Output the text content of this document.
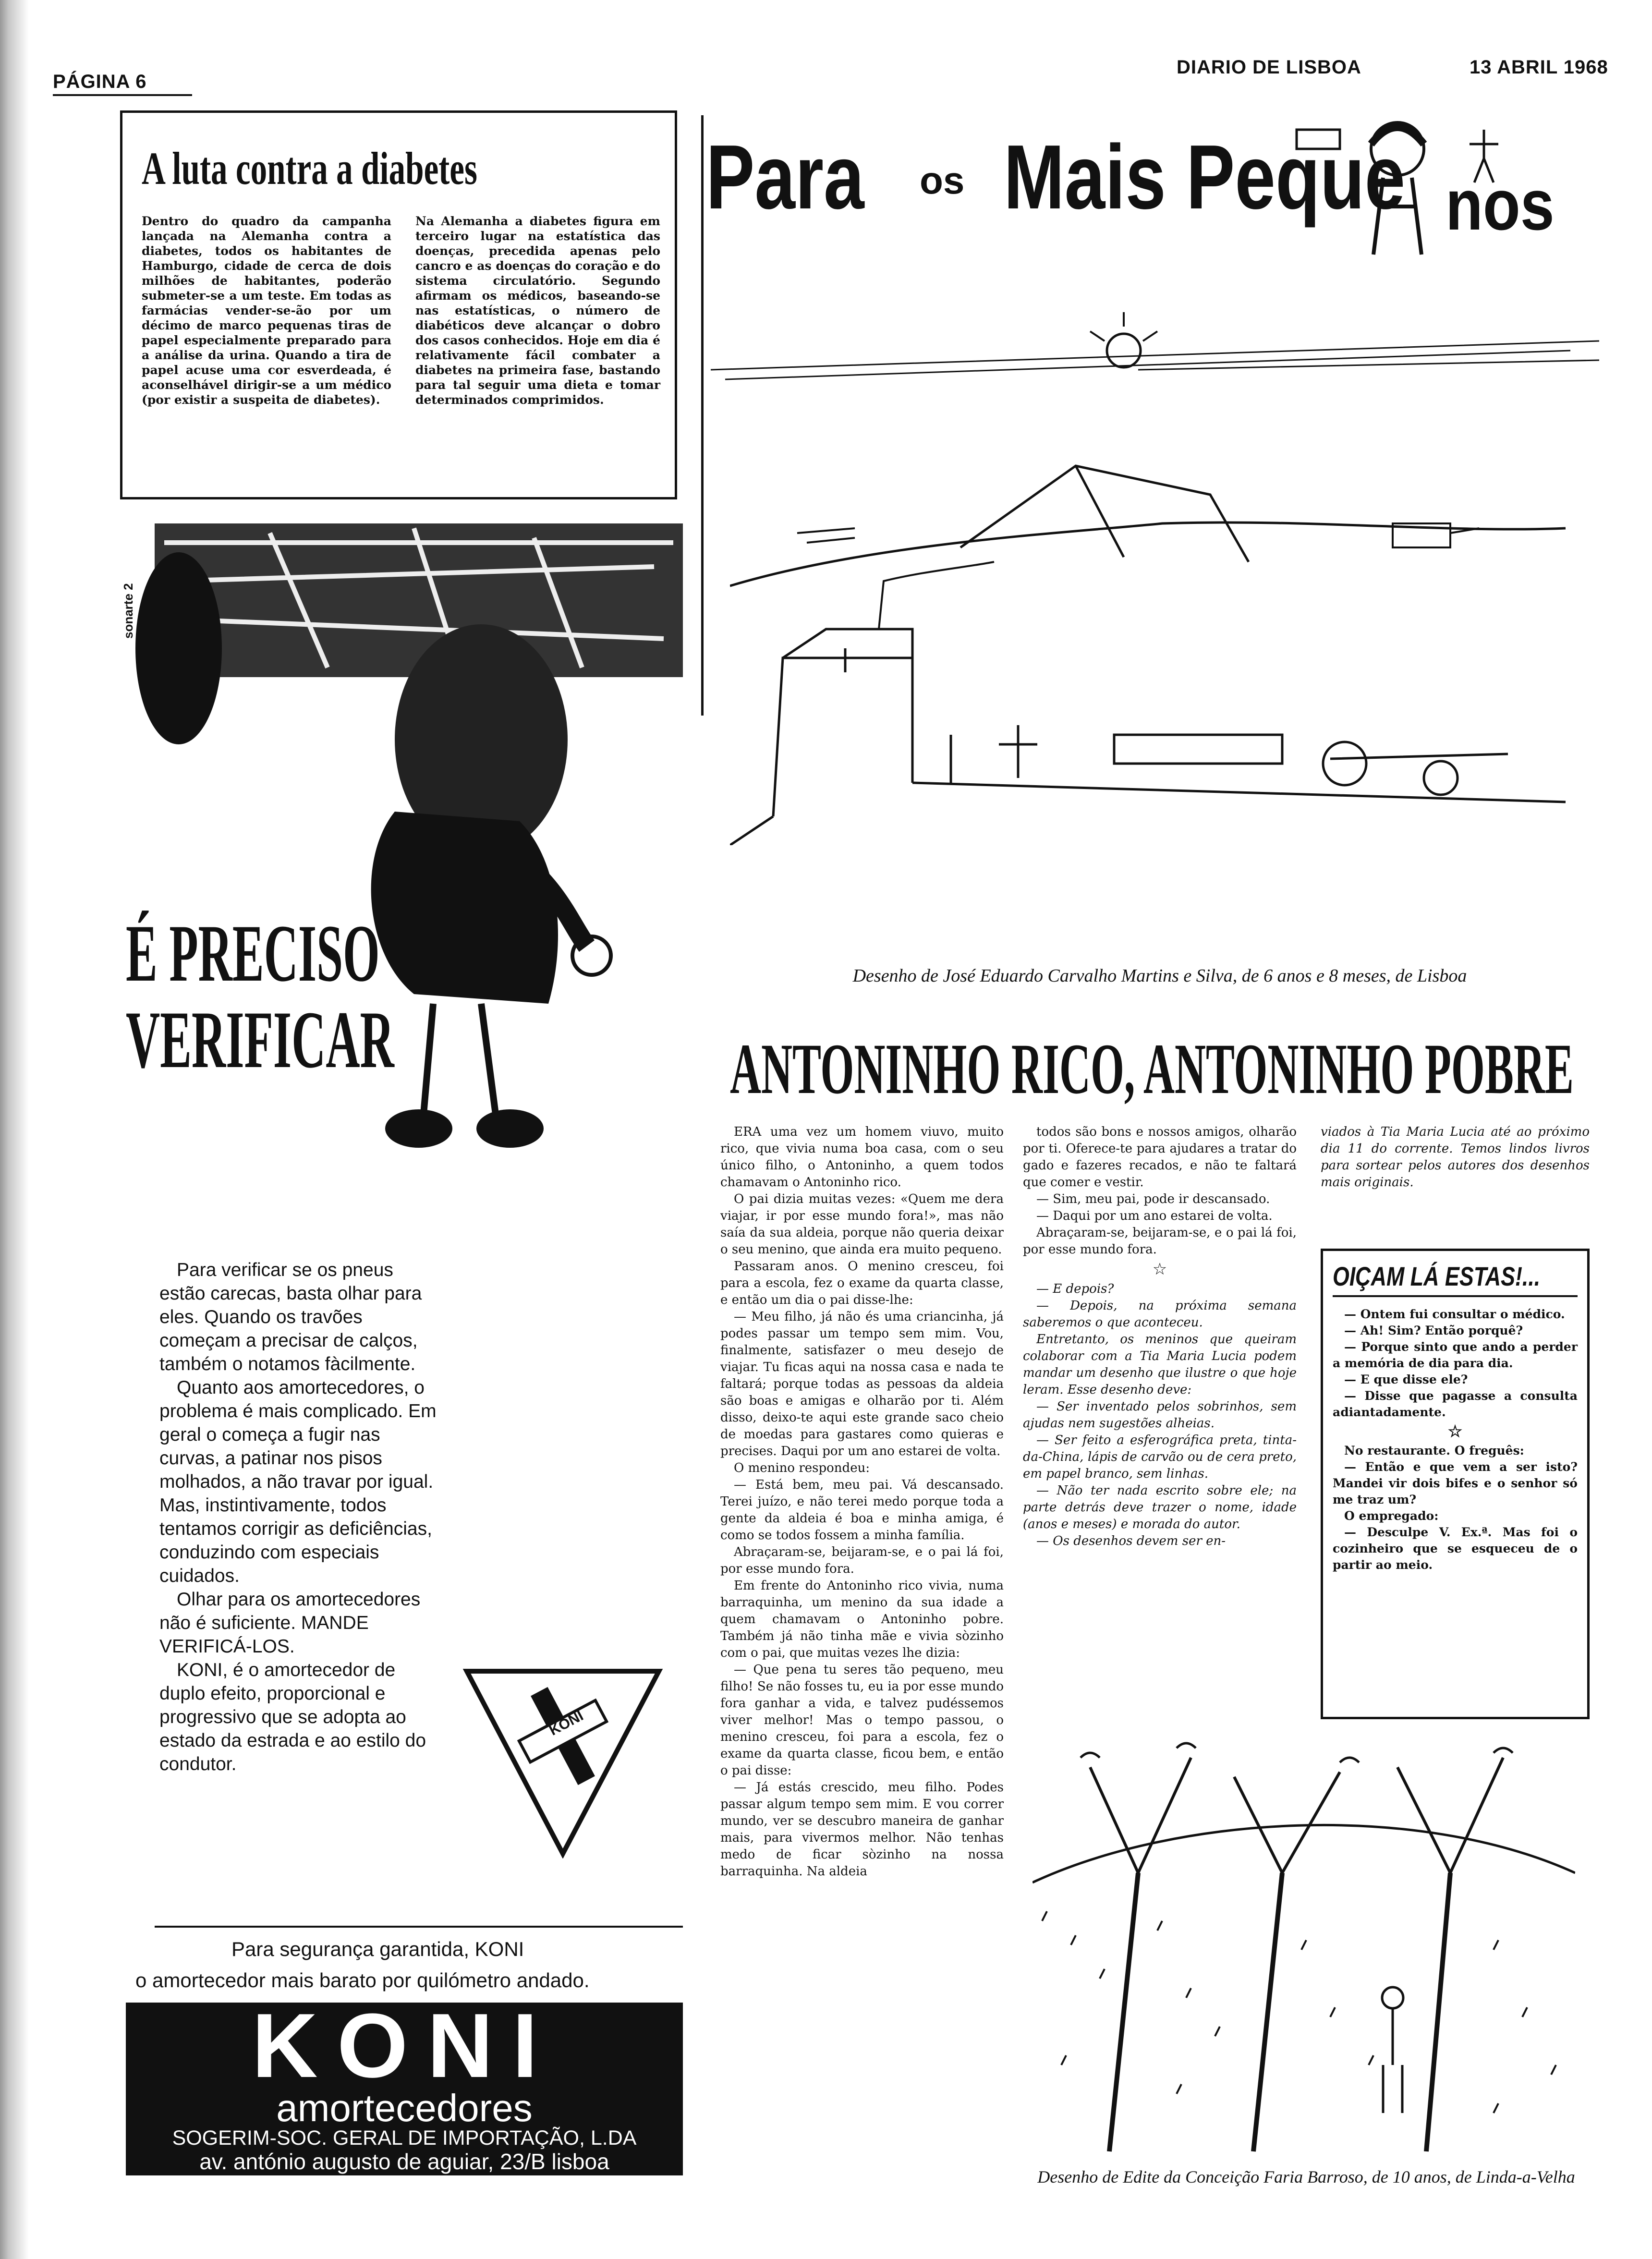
PÁGINA 6
DIARIO DE LISBOA	13 ABRIL 1968
A luta contra a diabetes
Dentro do quadro da campanha lançada na Alemanha contra a diabetes, todos os habitantes de Hamburgo, cidade de cerca de dois milhões de habitantes, poderão submeter-se a um teste. Em todas as farmácias vender-se-ão por um décimo de marco pequenas tiras de papel especialmente preparado para a análise da urina. Quando a tira de papel acuse uma cor esverdeada, é aconselhável dirigir-se a um médico (por existir a suspeita de diabetes).
Na Alemanha a diabetes figura em terceiro lugar na estatística das doenças, precedida apenas pelo cancro e as doenças do coração e do sistema circulatório. Segundo afirmam os médicos, baseando-se nas estatísticas, o número de diabéticos deve alcançar o dobro dos casos conhecidos. Hoje em dia é relativamente fácil combater a diabetes na primeira fase, bastando para tal seguir uma dieta e tomar determinados comprimidos.
sonarte 2
É PRECISO
VERIFICAR

Para verificar se os pneus estão carecas, basta olhar para eles. Quando os travões começam a precisar de calços, também o notamos fàcilmente.

Quanto aos amortecedores, o problema é mais complicado. Em geral o começa a fugir nas curvas, a patinar nos pisos molhados, a não travar por igual. Mas, instintivamente, todos tentamos corrigir as deficiências, conduzindo com especiais cuidados.

Olhar para os amortecedores não é suficiente. MANDE VERIFICÁ-LOS.

KONI, é o amortecedor de duplo efeito, proporcional e progressivo que se adopta ao estado da estrada e ao estilo do condutor.

KONI
Para segurança garantida, KONI
o amortecedor mais barato por quilómetro andado.
KONI
amortecedores
SOGERIM-SOC. GERAL DE IMPORTAÇÃO, L.DA
av. antónio augusto de aguiar, 23/B lisboa
Para os Mais Peque nos
Desenho de José Eduardo Carvalho Martins e Silva, de 6 anos e 8 meses, de Lisboa
ANTONINHO RICO, ANTONINHO POBRE

ERA uma vez um homem viuvo, muito rico, que vivia numa boa casa, com o seu único filho, o Antoninho, a quem todos chamavam o Antoninho rico.

O pai dizia muitas vezes: «Quem me dera viajar, ir por esse mundo fora!», mas não saía da sua aldeia, porque não queria deixar o seu menino, que ainda era muito pequeno.

Passaram anos. O menino cresceu, foi para a escola, fez o exame da quarta classe, e então um dia o pai disse-lhe:

— Meu filho, já não és uma criancinha, já podes passar um tempo sem mim. Vou, finalmente, satisfazer o meu desejo de viajar. Tu ficas aqui na nossa casa e nada te faltará; porque todas as pessoas da aldeia são boas e amigas e olharão por ti. Além disso, deixo-te aqui este grande saco cheio de moedas para gastares como quieras e precises. Daqui por um ano estarei de volta.

O menino respondeu:

— Está bem, meu pai. Vá descansado. Terei juízo, e não terei medo porque toda a gente da aldeia é boa e minha amiga, é como se todos fossem a minha família.

Abraçaram-se, beijaram-se, e o pai lá foi, por esse mundo fora.

Em frente do Antoninho rico vivia, numa barraquinha, um menino da sua idade a quem chamavam o Antoninho pobre. Também já não tinha mãe e vivia sòzinho com o pai, que muitas vezes lhe dizia:

— Que pena tu seres tão pequeno, meu filho! Se não fosses tu, eu ia por esse mundo fora ganhar a vida, e talvez pudéssemos viver melhor! Mas o tempo passou, o menino cresceu, foi para a escola, fez o exame da quarta classe, ficou bem, e então o pai disse:

— Já estás crescido, meu filho. Podes passar algum tempo sem mim. E vou correr mundo, ver se descubro maneira de ganhar mais, para vivermos melhor. Não tenhas medo de ficar sòzinho na nossa barraquinha. Na aldeia

todos são bons e nossos amigos, olharão por ti. Oferece-te para ajudares a tratar do gado e fazeres recados, e não te faltará que comer e vestir.

— Sim, meu pai, pode ir descansado.

— Daqui por um ano estarei de volta.

Abraçaram-se, beijaram-se, e o pai lá foi, por esse mundo fora.

☆

— E depois?

— Depois, na próxima semana saberemos o que aconteceu.

Entretanto, os meninos que queiram colaborar com a Tia Maria Lucia podem mandar um desenho que ilustre o que hoje leram. Esse desenho deve:

— Ser inventado pelos sobrinhos, sem ajudas nem sugestões alheias.

— Ser feito a esferográfica preta, tinta-da-China, lápis de carvão ou de cera preto, em papel branco, sem linhas.

— Não ter nada escrito sobre ele; na parte detrás deve trazer o nome, idade (anos e meses) e morada do autor.

— Os desenhos devem ser en-

viados à Tia Maria Lucia até ao próximo dia 11 do corrente. Temos lindos livros para sortear pelos autores dos desenhos mais originais.

OIÇAM LÁ ESTAS!...

— Ontem fui consultar o médico.

— Ah! Sim? Então porquê?

— Porque sinto que ando a perder a memória de dia para dia.

— E que disse ele?

— Disse que pagasse a consulta adiantadamente.

☆

No restaurante. O freguês:

— Então e que vem a ser isto? Mandei vir dois bifes e o senhor só me traz um?

O empregado:

— Desculpe V. Ex.ª. Mas foi o cozinheiro que se esqueceu de o partir ao meio.

Desenho de Edite da Conceição Faria Barroso, de 10 anos, de Linda-a-Velha
